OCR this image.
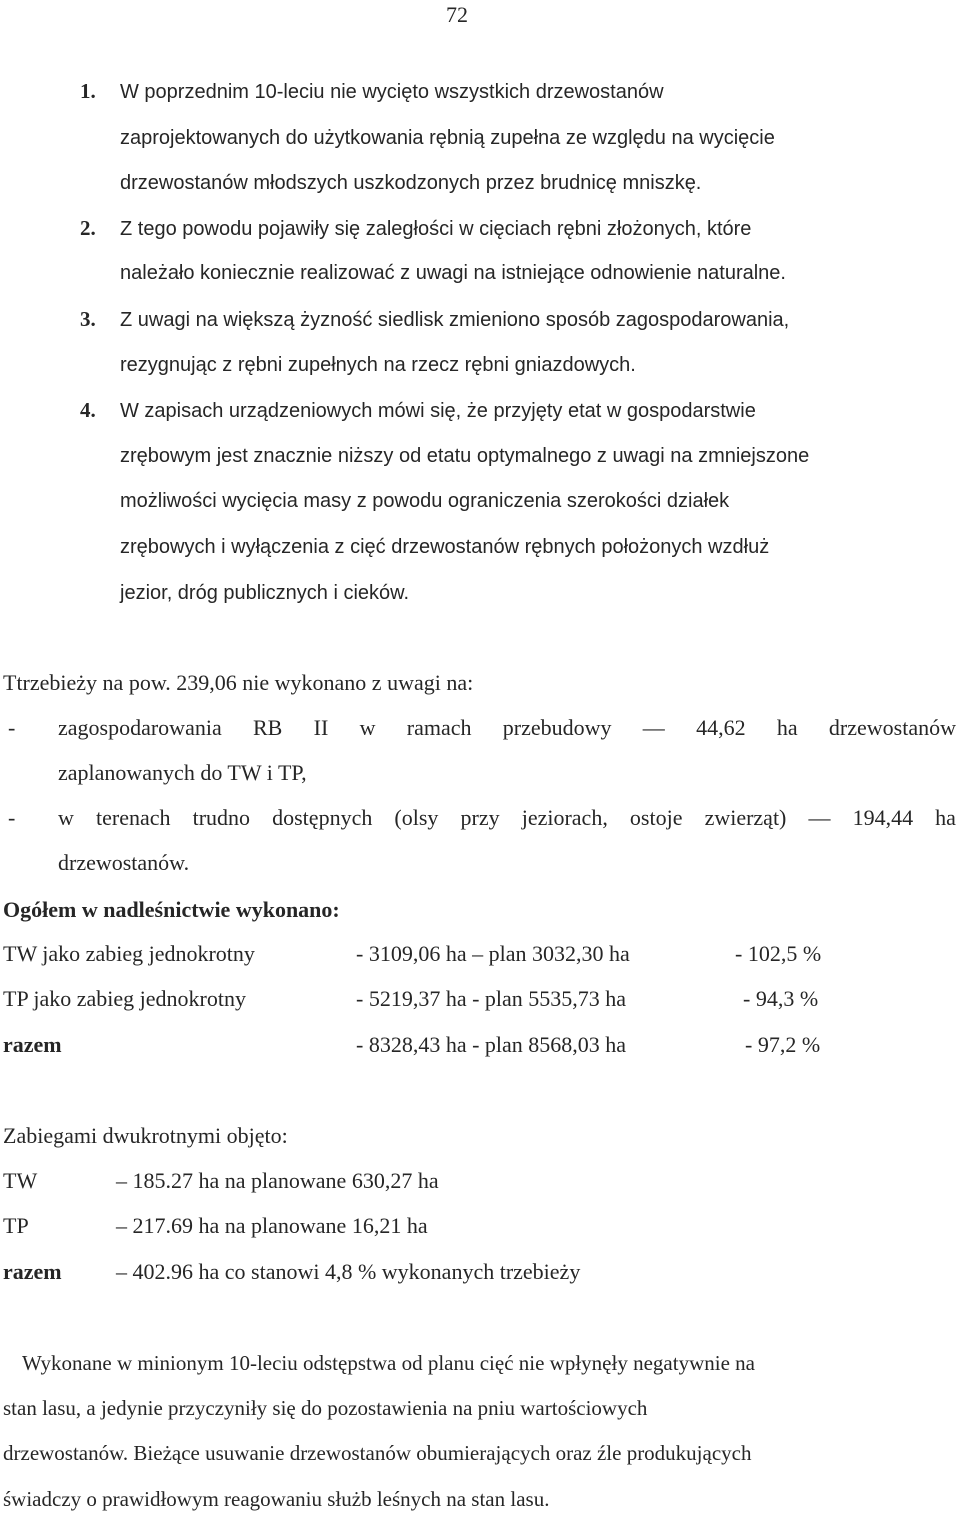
72
1. W poprzednim 10-leciu nie wycięto wszystkich drzewostanów
zaprojektowanych do użytkowania rębnią zupełna ze względu na wycięcie
drzewostanów młodszych uszkodzonych przez brudnicę mniszkę.
2. Z tego powodu pojawiły się zaległości w cięciach rębni złożonych, które
należało koniecznie realizować z uwagi na istniejące odnowienie naturalne.
3. Z uwagi na większą żyzność siedlisk zmieniono sposób zagospodarowania,
rezygnując z rębni zupełnych na rzecz rębni gniazdowych.
4. W zapisach urządzeniowych mówi się, że przyjęty etat w gospodarstwie
zrębowym jest znacznie niższy od etatu optymalnego z uwagi na zmniejszone
możliwości wycięcia masy z powodu ograniczenia szerokości działek
zrębowych i wyłączenia z cięć drzewostanów rębnych położonych wzdłuż
jezior, dróg publicznych i cieków.
Ttrzebieży na pow. 239,06 nie wykonano z uwagi na:
- zagospodarowania RB II w ramach przebudowy — 44,62 ha drzewostanów
zaplanowanych do TW i TP,
- w terenach trudno dostępnych (olsy przy jeziorach, ostoje zwierząt) — 194,44 ha
drzewostanów.
Ogółem w nadleśnictwie wykonano:
TW jako zabieg jednokrotny	- 3109,06 ha – plan 3032,30 ha	- 102,5 %
TP jako zabieg jednokrotny	- 5219,37 ha - plan 5535,73 ha	- 94,3 %
razem	- 8328,43 ha - plan 8568,03 ha	- 97,2 %
Zabiegami dwukrotnymi objęto:
TW	– 185.27 ha na planowane 630,27 ha
TP	– 217.69 ha na planowane 16,21 ha
razem – 402.96 ha co stanowi 4,8 % wykonanych trzebieży
Wykonane w minionym 10-leciu odstępstwa od planu cięć nie wpłynęły negatywnie na
stan lasu, a jedynie przyczyniły się do pozostawienia na pniu wartościowych
drzewostanów. Bieżące usuwanie drzewostanów obumierających oraz źle produkujących
świadczy o prawidłowym reagowaniu służb leśnych na stan lasu.
